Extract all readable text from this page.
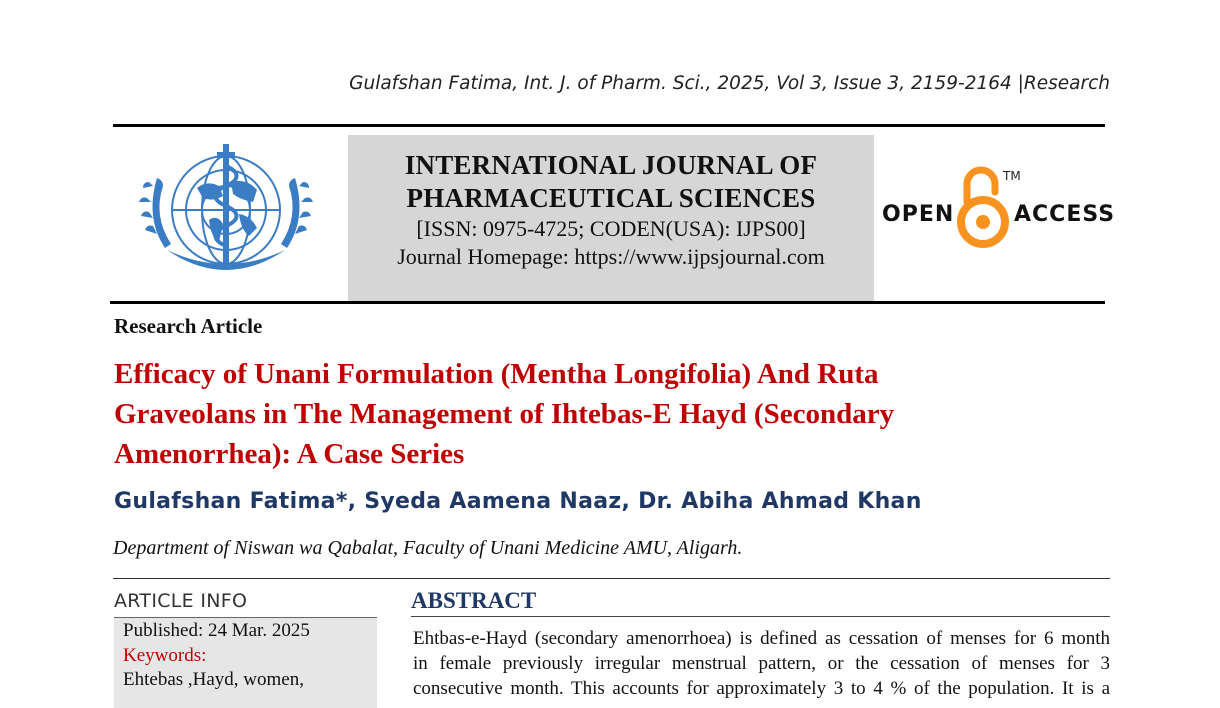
Gulafshan Fatima, Int. J. of Pharm. Sci., 2025, Vol 3, Issue 3, 2159-2164 |Research
INTERNATIONAL JOURNAL OF
PHARMACEUTICAL SCIENCES
[ISSN: 0975-4725; CODEN(USA): IJPS00]
Journal Homepage: https://www.ijpsjournal.com
OPEN
TM
ACCESS
Research Article
Efficacy of Unani Formulation (Mentha Longifolia) And Ruta
Graveolans in The Management of Ihtebas-E Hayd (Secondary
Amenorrhea): A Case Series
Gulafshan Fatima*, Syeda Aamena Naaz, Dr. Abiha Ahmad Khan
Department of Niswan wa Qabalat, Faculty of Unani Medicine AMU, Aligarh.
ARTICLE INFO
Published: 24 Mar. 2025
Keywords:
Ehtebas ,Hayd, women,
ABSTRACT
Ehtbas-e-Hayd (secondary amenorrhoea) is defined as cessation of menses for 6 month
in female previously irregular menstrual pattern, or the cessation of menses for 3
consecutive month. This accounts for approximately 3 to 4 % of the population. It is a
